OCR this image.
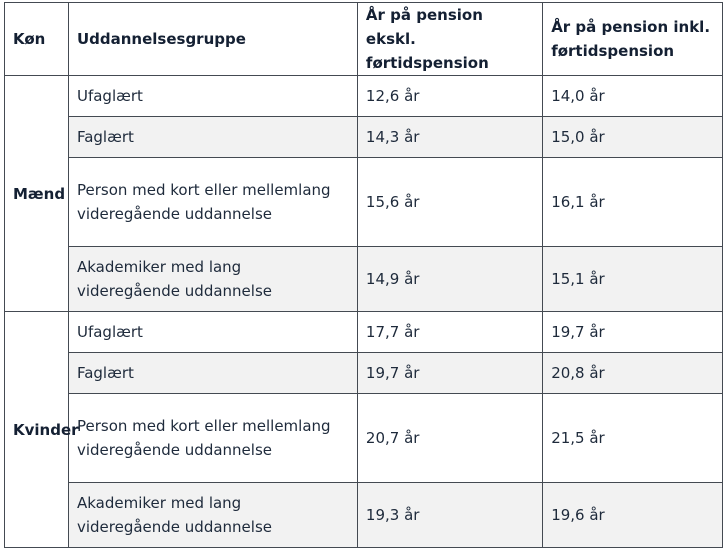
Køn	Uddannelsesgruppe	År på pension ekskl. førtidspension	År på pension inkl. førtidspension
Mænd	Ufaglært	12,6 år	14,0 år
	Faglært	14,3 år	15,0 år
	Person med kort eller mellemlang videregående uddannelse	15,6 år	16,1 år
	Akademiker med lang videregående uddannelse	14,9 år	15,1 år
Kvinder	Ufaglært	17,7 år	19,7 år
	Faglært	19,7 år	20,8 år
	Person med kort eller mellemlang videregående uddannelse	20,7 år	21,5 år
	Akademiker med lang videregående uddannelse	19,3 år	19,6 år
